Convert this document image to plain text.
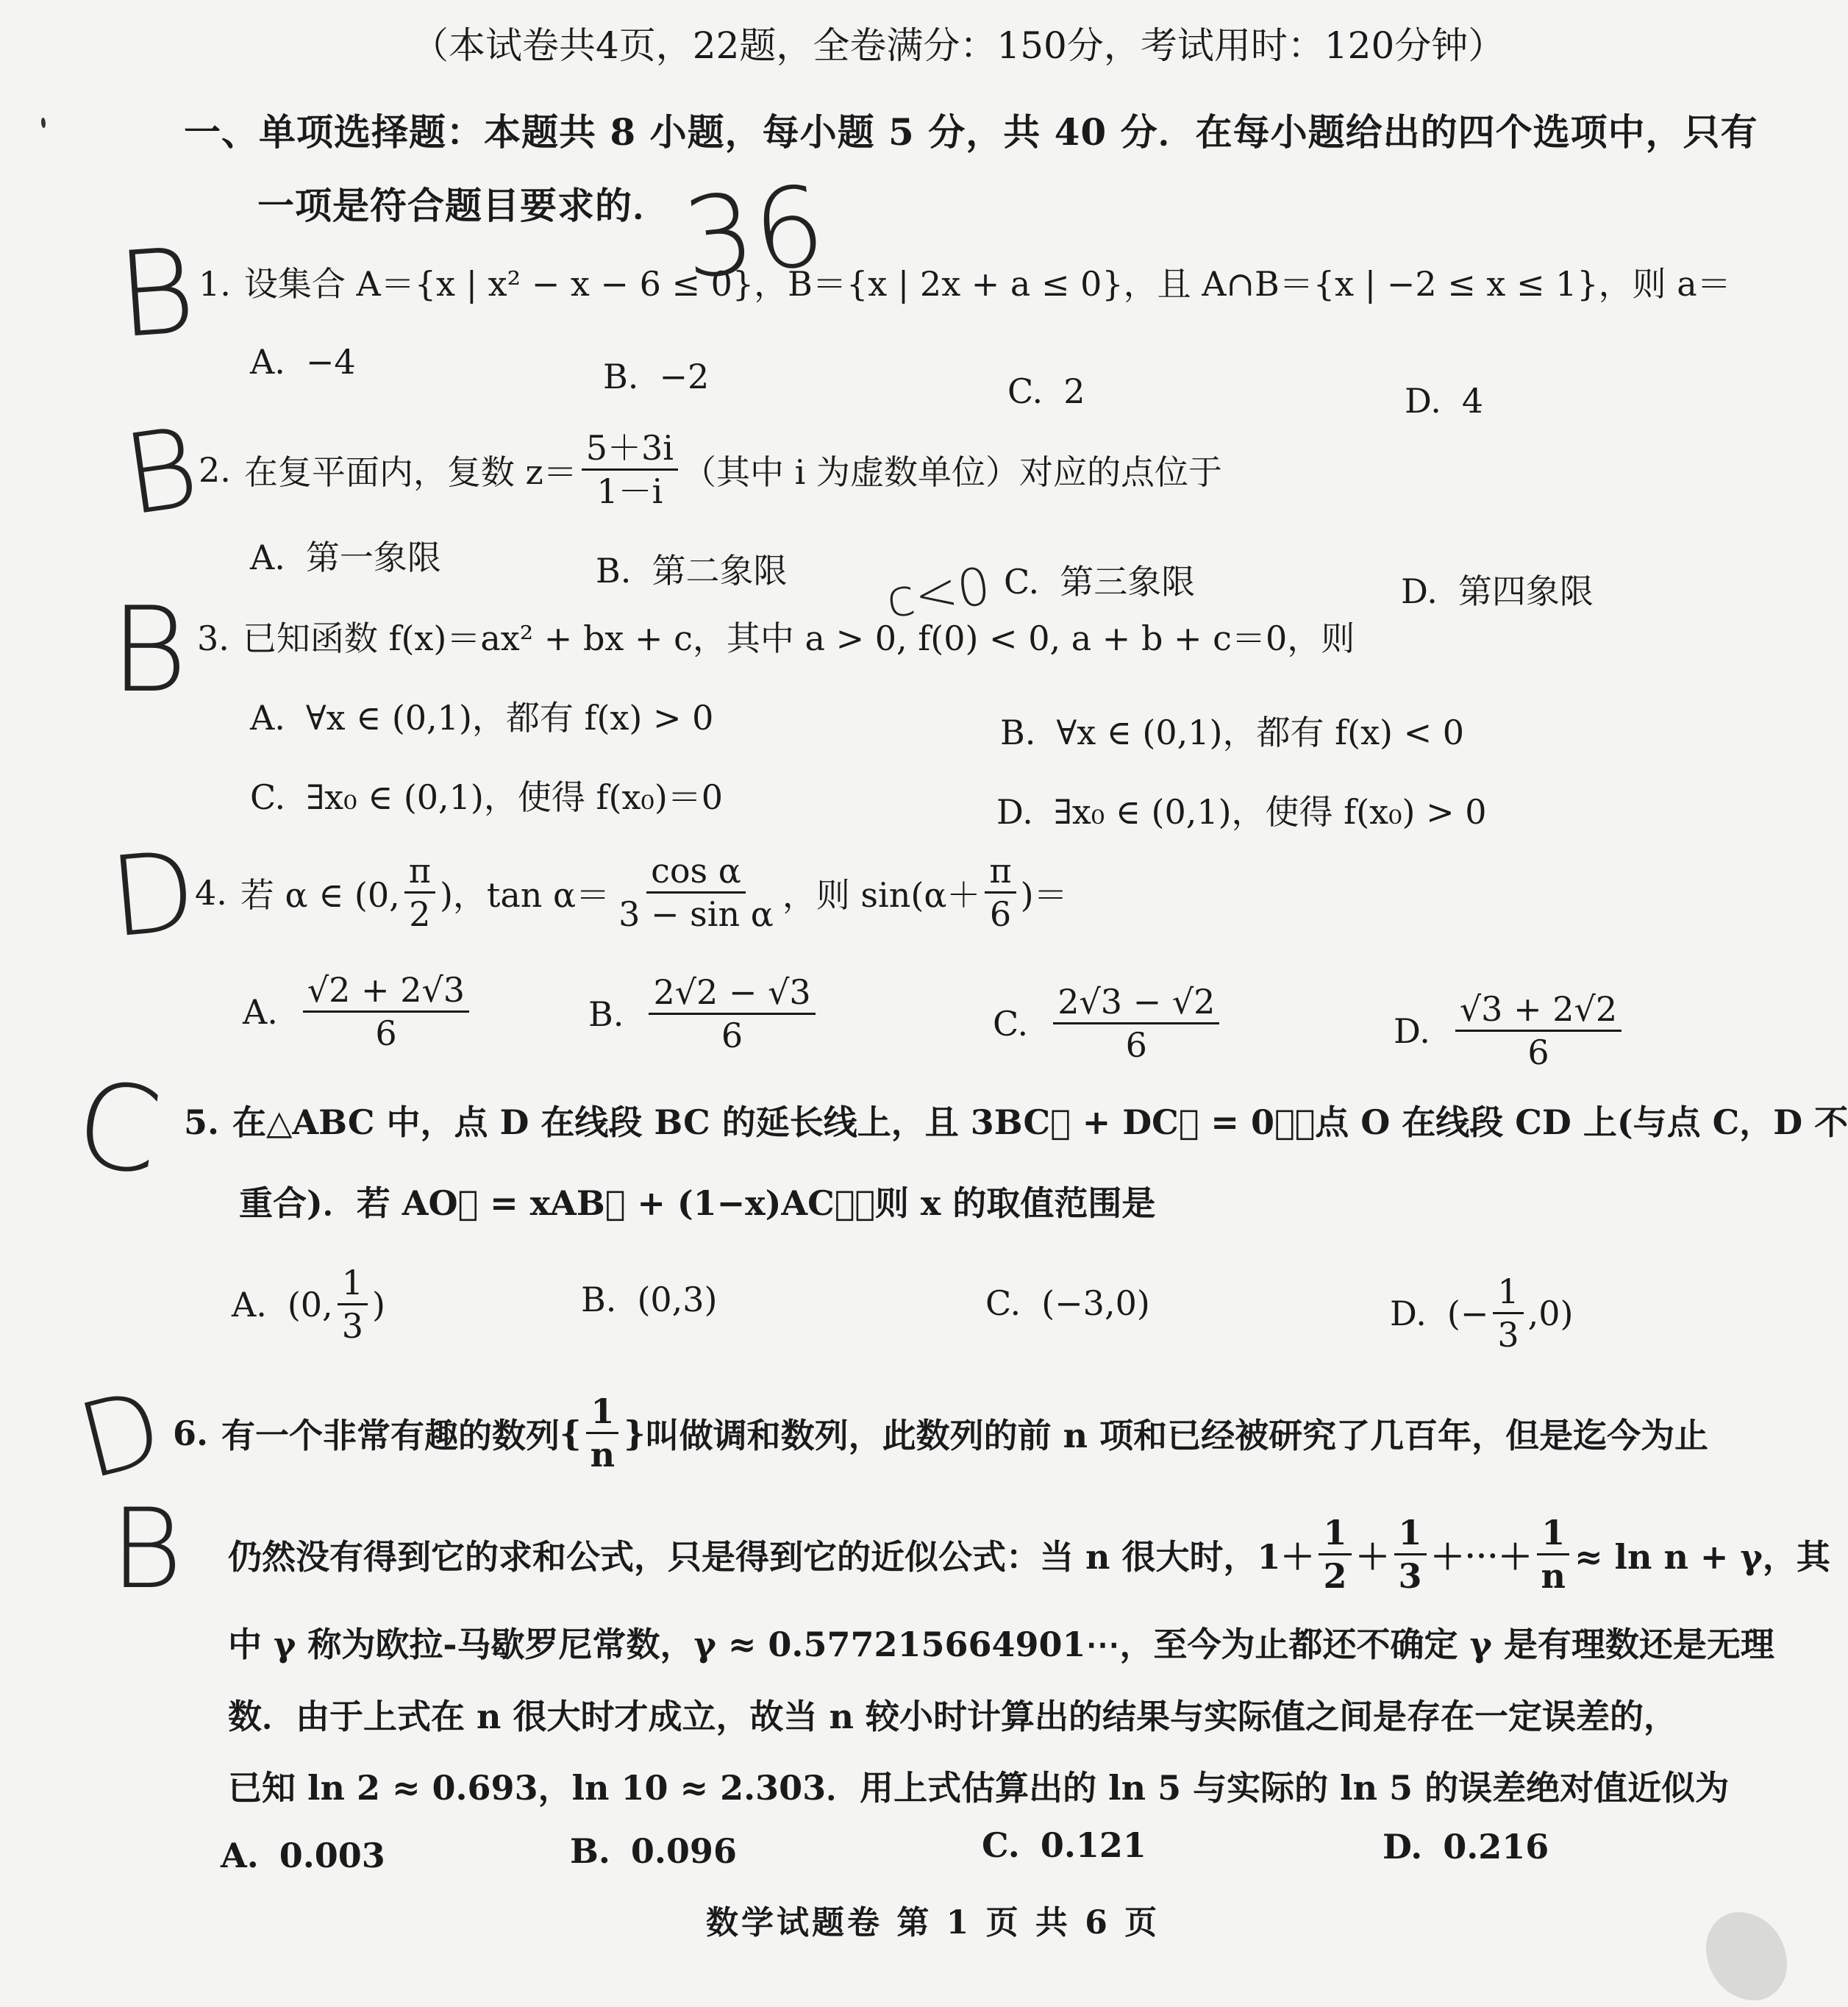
（本试卷共4页，22题，全卷满分：150分，考试用时：120分钟）
一、单项选择题：本题共 8 小题，每小题 5 分，共 40 分．在每小题给出的四个选项中，只有
一项是符合题目要求的．
1. 设集合 A＝{x | x² − x − 6 ≤ 0}，B＝{x | 2x + a ≤ 0}，且 A∩B＝{x | −2 ≤ x ≤ 1}，则 a＝
A. −4	B. −2	C. 2	D. 4
2. 在复平面内，复数 $z= \frac{5+3i}{1-i}$ （其中 i 为虚数单位）对应的点位于
A. 第一象限	B. 第二象限	C. 第三象限	D. 第四象限
3. 已知函数 f(x)＝ax² + bx + c，其中 a > 0, f(0) < 0, a + b + c＝0，则
A. ∀x ∈ (0,1)，都有 f(x) > 0	B. ∀x ∈ (0,1)，都有 f(x) < 0
C. ∃x₀ ∈ (0,1)，使得 f(x₀)＝0	D. ∃x₀ ∈ (0,1)，使得 f(x₀) > 0
4. 若 α ∈ (0, $\frac{\pi}{2}$ )，$\tan \alpha= \frac{\text{cos α}}{\text{3 − sin α}}$ ，则 $\sin(\alpha+ \frac{\pi}{6}$ )＝
A. $\frac{√2 + 2√3}{6}$	B. $\frac{2√2 - √3}{6}$	C. $\frac{2√3 - √2}{6}$	D. $\frac{√3 + 2√2}{6}$
5. 在△ABC 中，点 D 在线段 BC 的延长线上，且 3BC⃗ + DC⃗ = 0⃗，点 O 在线段 CD 上(与点 C，D 不
重合)．若 AO⃗ = xAB⃗ + (1−x)AC⃗，则 x 的取值范围是
A. (0, $\frac{1}{3}$ )	B. (0,3)	C. (−3,0)	D. (− $\frac{1}{3} ,0$)
6. 有一个非常有趣的数列 { $\frac{1}{n}$ } 叫做调和数列，此数列的前 n 项和已经被研究了几百年，但是迄今为止
仍然没有得到它的求和公式，只是得到它的近似公式：当 n 很大时，$1+ \frac{1}{2} + \frac{1}{3}$ ＋⋯＋ $\frac{1}{n} \approx \ln n + \gamma$，其
中 γ 称为欧拉-马歇罗尼常数，γ ≈ 0.577215664901⋯，至今为止都还不确定 γ 是有理数还是无理
数．由于上式在 n 很大时才成立，故当 n 较小时计算出的结果与实际值之间是存在一定误差的，
已知 ln 2 ≈ 0.693，ln 10 ≈ 2.303．用上式估算出的 ln 5 与实际的 ln 5 的误差绝对值近似为
A. 0.003	B. 0.096	C. 0.121	D. 0.216
数学试题卷 第 1 页 共 6 页
36
B
B
B
D
C
D
B
c<0
